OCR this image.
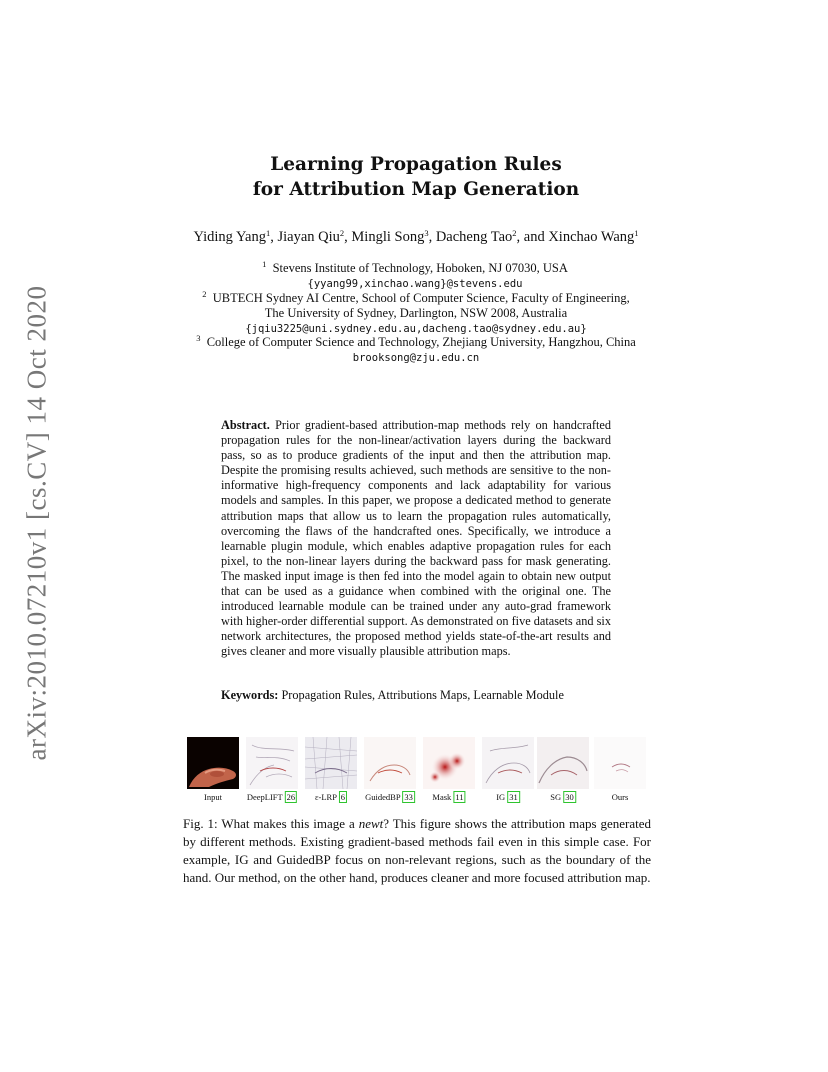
arXiv:2010.07210v1 [cs.CV] 14 Oct 2020
Learning Propagation Rules
for Attribution Map Generation
Yiding Yang$^1$, Jiayan Qiu$^2$, Mingli Song$^3$, Dacheng Tao$^2$, and Xinchao Wang$^1$
$^1$ Stevens Institute of Technology, Hoboken, NJ 07030, USA
{yyang99,xinchao.wang}@stevens.edu
$^2$ UBTECH Sydney AI Centre, School of Computer Science, Faculty of Engineering,
The University of Sydney, Darlington, NSW 2008, Australia
{jqiu3225@uni.sydney.edu.au,dacheng.tao@sydney.edu.au}
$^3$ College of Computer Science and Technology, Zhejiang University, Hangzhou, China
brooksong@zju.edu.cn
Abstract. Prior gradient-based attribution-map methods rely on handcrafted propagation rules for the non-linear/activation layers during the backward pass, so as to produce gradients of the input and then the attribution map. Despite the promising results achieved, such methods are sensitive to the non-informative high-frequency components and lack adaptability for various models and samples. In this paper, we propose a dedicated method to generate attribution maps that allow us to learn the propagation rules automatically, overcoming the flaws of the handcrafted ones. Specifically, we introduce a learnable plugin module, which enables adaptive propagation rules for each pixel, to the non-linear layers during the backward pass for mask generating. The masked input image is then fed into the model again to obtain new output that can be used as a guidance when combined with the original one. The introduced learnable module can be trained under any auto-grad framework with higher-order differential support. As demonstrated on five datasets and six network architectures, the proposed method yields state-of-the-art results and gives cleaner and more visually plausible attribution maps.
Keywords: Propagation Rules, Attributions Maps, Learnable Module
Input	DeepLIFT 26 ε-LRP 6 GuidedBP 33 Mask 11	IG 31	SG 30	Ours
Fig. 1: What makes this image a newt? This figure shows the attribution maps generated by different methods. Existing gradient-based methods fail even in this simple case. For example, IG and GuidedBP focus on non-relevant regions, such as the boundary of the hand. Our method, on the other hand, produces cleaner and more focused attribution map.
